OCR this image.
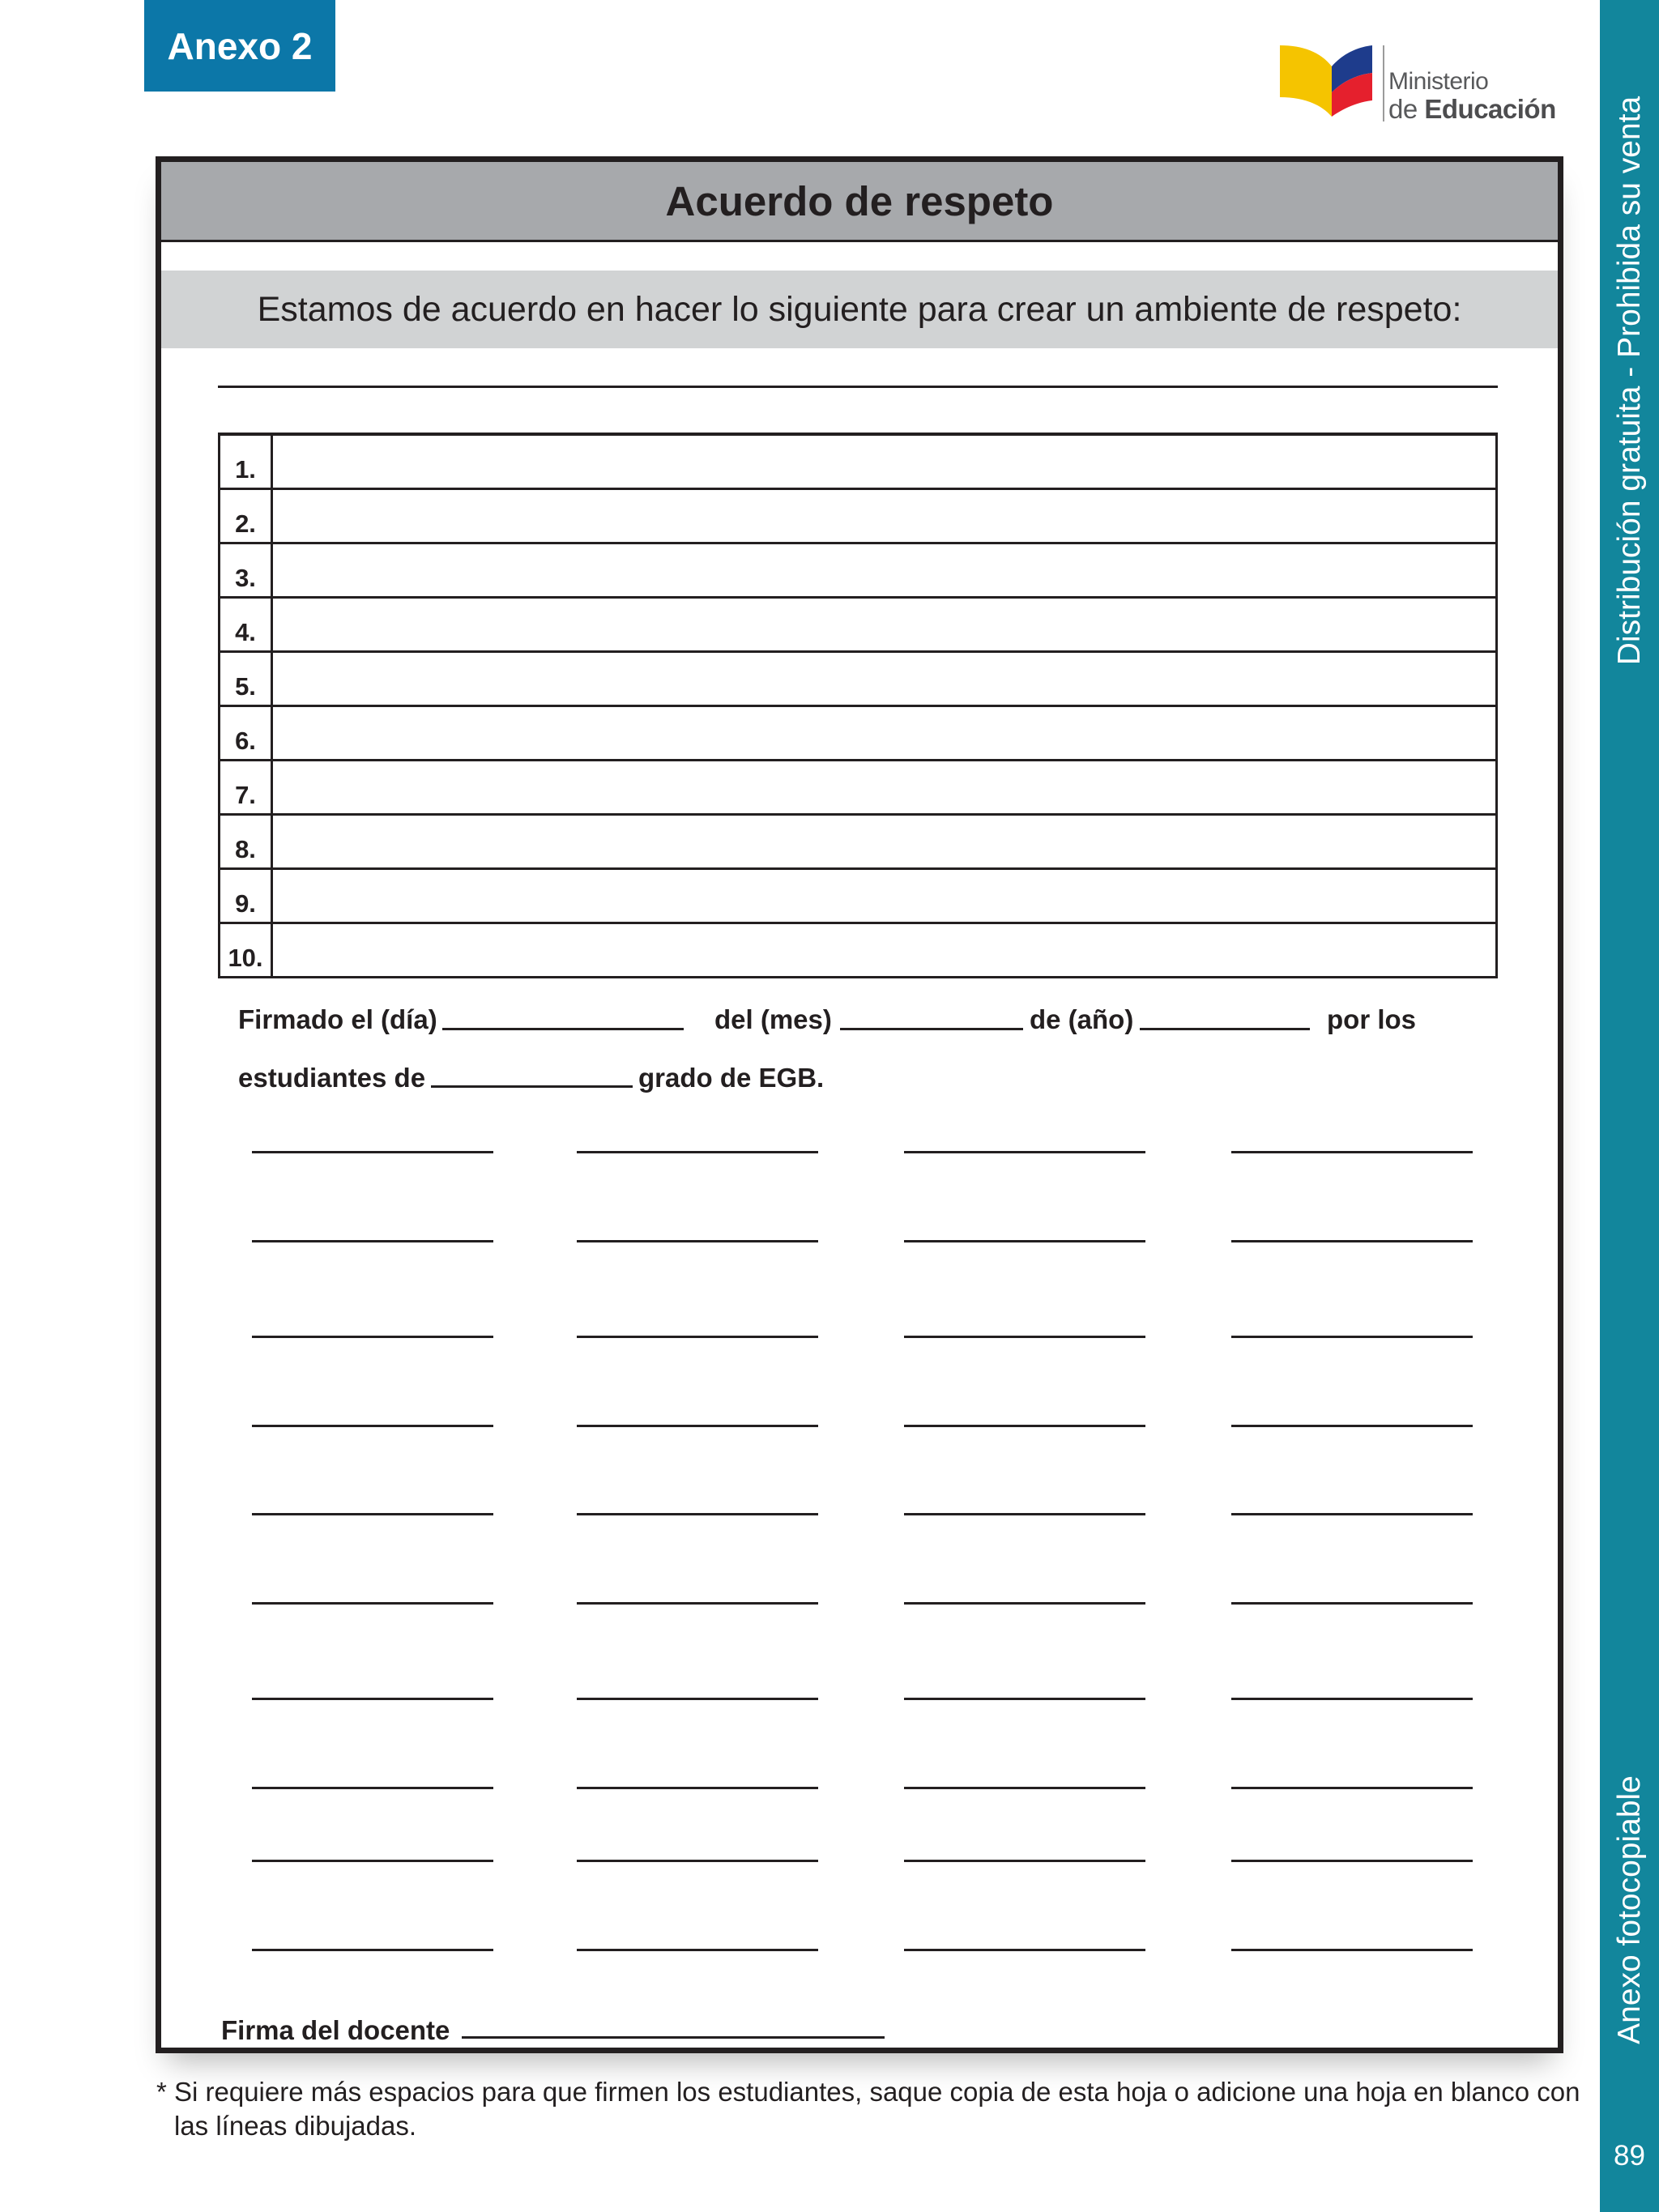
Anexo 2
Ministerio
de Educación Distribución gratuita - Prohibida su venta
Anexo fotocopiable
89
Acuerdo de respeto
Estamos de acuerdo en hacer lo siguiente para crear un ambiente de respeto:
1.	
2.	
3.	
4.	
5.	
6.	
7.	
8.	
9.	
10.	
Firmado el (día)	del (mes)	de (año)	por los
estudiantes de	grado de EGB.
Firma del docente
* Si requiere más espacios para que firmen los estudiantes, saque copia de esta hoja o adicione una hoja en blanco con
las líneas dibujadas.
